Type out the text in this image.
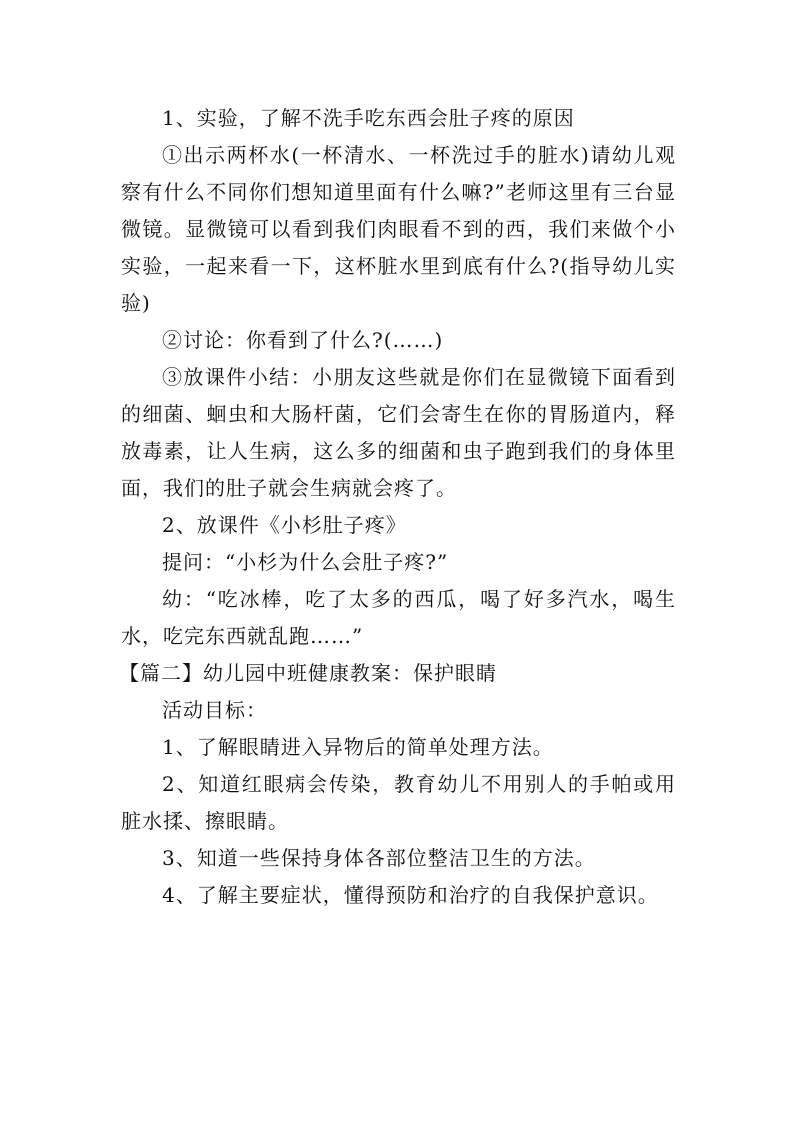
1、实验，了解不洗手吃东西会肚子疼的原因

①出示两杯水(一杯清水、一杯洗过手的脏水)请幼儿观察有什么不同你们想知道里面有什么嘛?”老师这里有三台显微镜。显微镜可以看到我们肉眼看不到的西，我们来做个小实验，一起来看一下，这杯脏水里到底有什么?(指导幼儿实验)

②讨论：你看到了什么?(……)

③放课件小结：小朋友这些就是你们在显微镜下面看到的细菌、蛔虫和大肠杆菌，它们会寄生在你的胃肠道内，释放毒素，让人生病，这么多的细菌和虫子跑到我们的身体里面，我们的肚子就会生病就会疼了。

2、放课件《小杉肚子疼》

提问：“小杉为什么会肚子疼?”

幼：“吃冰棒，吃了太多的西瓜，喝了好多汽水，喝生水，吃完东西就乱跑……”

【篇二】幼儿园中班健康教案：保护眼睛

活动目标：

1、了解眼睛进入异物后的简单处理方法。

2、知道红眼病会传染，教育幼儿不用别人的手帕或用脏水揉、擦眼睛。

3、知道一些保持身体各部位整洁卫生的方法。

4、了解主要症状，懂得预防和治疗的自我保护意识。
